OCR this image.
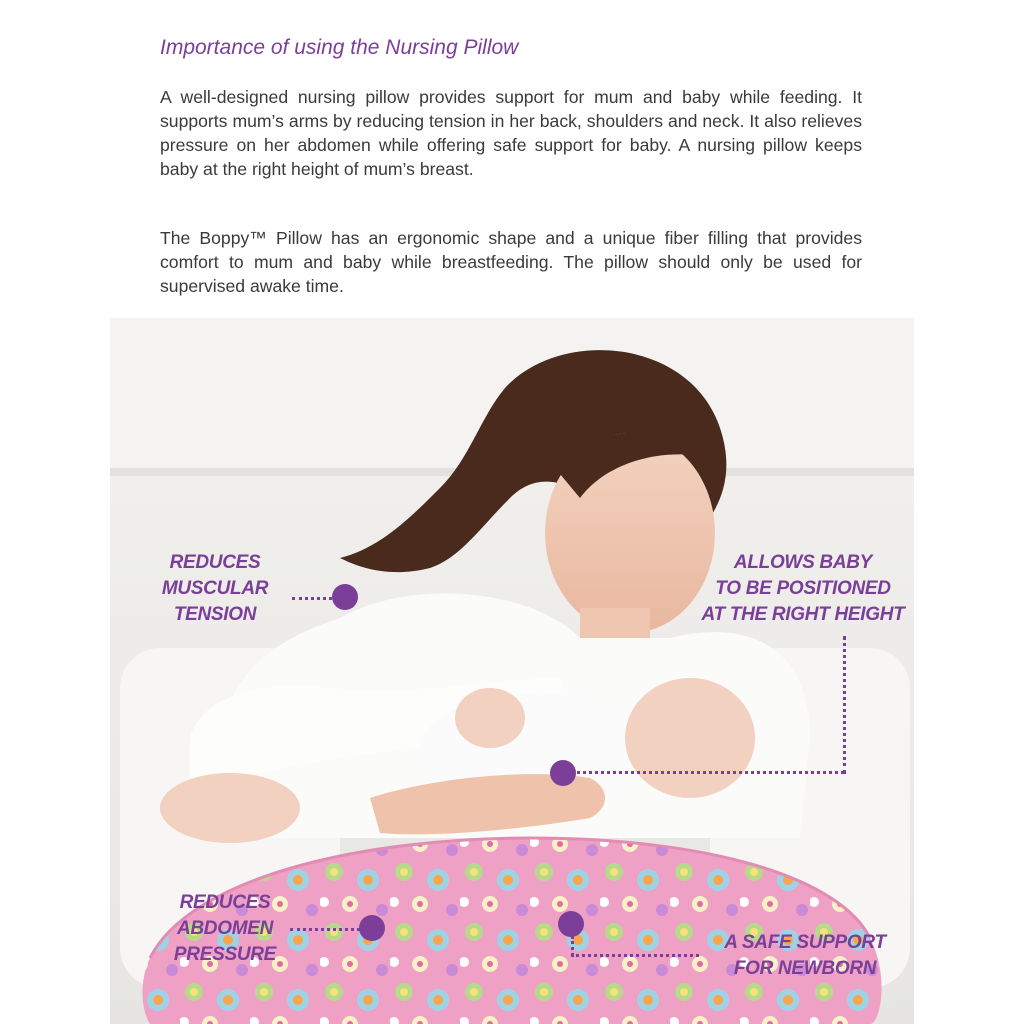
Importance of using the Nursing Pillow

A well-designed nursing pillow provides support for mum and baby while feeding. It supports mum’s arms by reducing tension in her back, shoulders and neck. It also relieves pressure on her abdomen while offering safe support for baby. A nursing pillow keeps baby at the right height of mum’s breast.

The Boppy™ Pillow has an ergonomic shape and a unique fiber filling that provides comfort to mum and baby while breastfeeding. The pillow should only be used for supervised awake time.

REDUCES
MUSCULAR
TENSION

ALLOWS BABY
TO BE POSITIONED
AT THE RIGHT HEIGHT

REDUCES
ABDOMEN
PRESSURE

A SAFE SUPPORT
FOR NEWBORN
